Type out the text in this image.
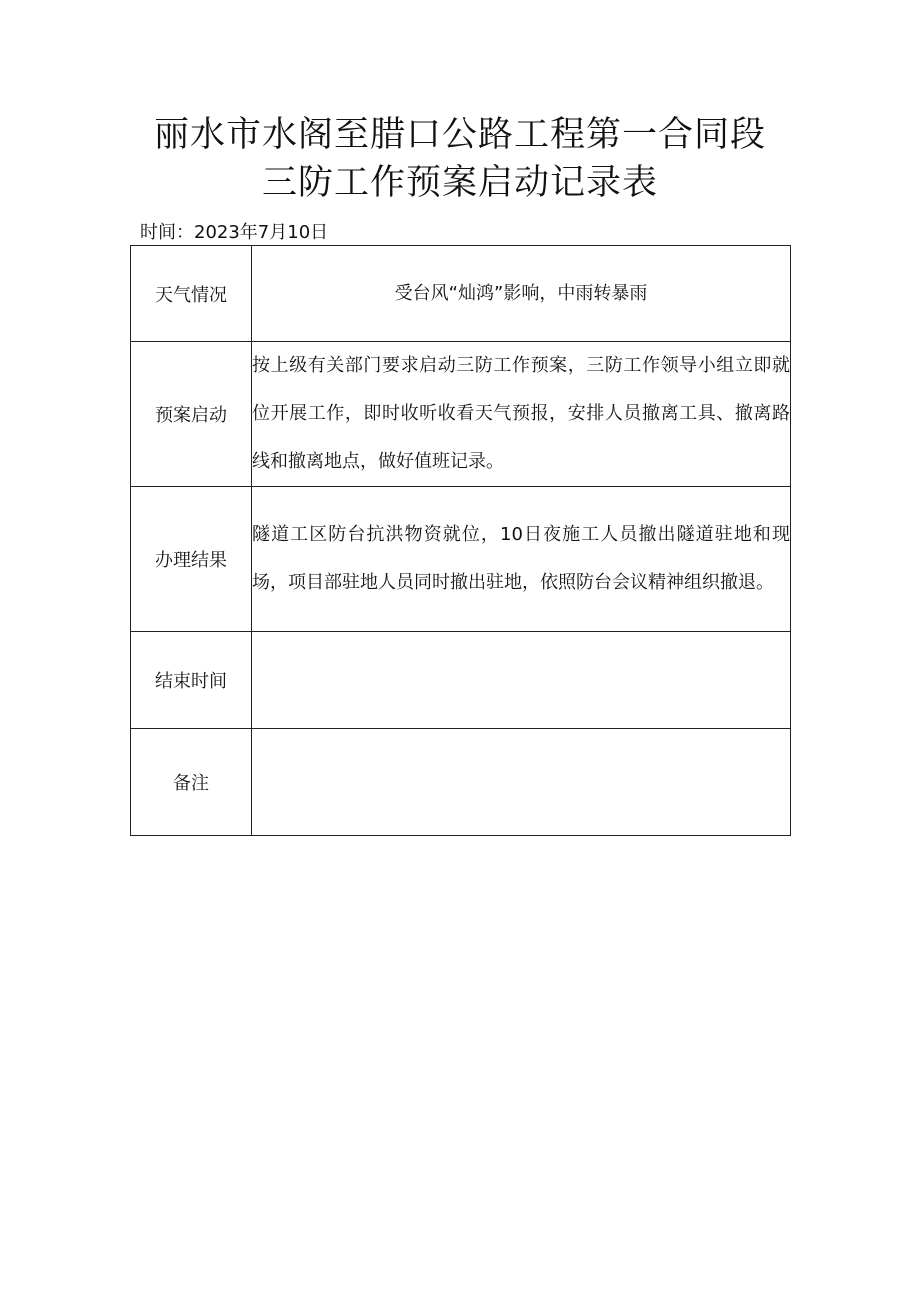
丽水市水阁至腊口公路工程第一合同段
三防工作预案启动记录表
时间：2023年7月10日
天气情况	受台风“灿鸿”影响，中雨转暴雨
预案启动	按上级有关部门要求启动三防工作预案，三防工作领导小组立即就位开展工作，即时收听收看天气预报，安排人员撤离工具、撤离路线和撤离地点，做好值班记录。
办理结果	隧道工区防台抗洪物资就位，10日夜施工人员撤出隧道驻地和现场，项目部驻地人员同时撤出驻地，依照防台会议精神组织撤退。
结束时间	
备注	
